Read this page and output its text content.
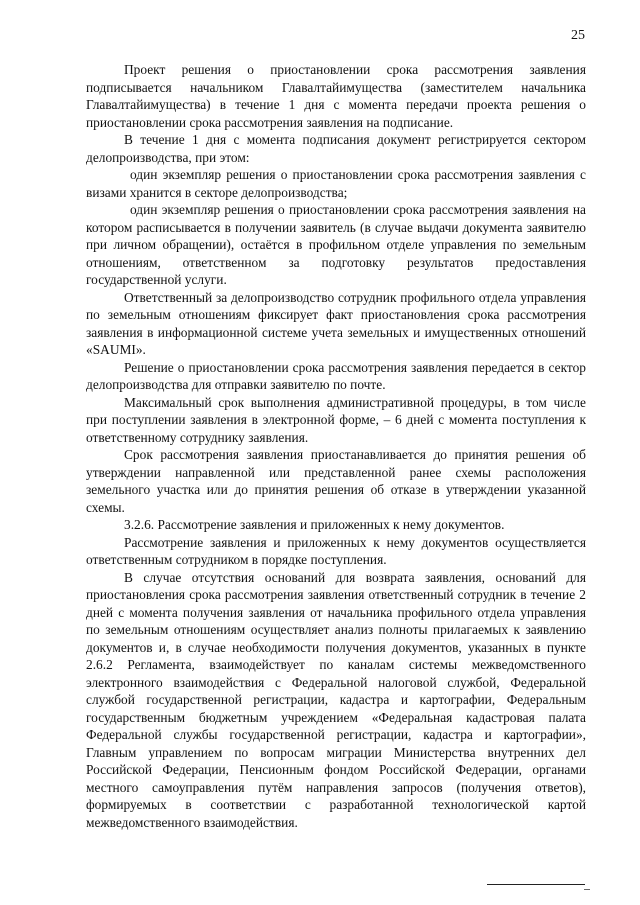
25

Проект решения о приостановлении срока рассмотрения заявления подписывается начальником Главалтайимущества (заместителем начальника Главалтайимущества) в течение 1 дня с момента передачи проекта решения о приостановлении срока рассмотрения заявления на подписание.

В течение 1 дня с момента подписания документ регистрируется сектором делопроизводства, при этом:

один экземпляр решения о приостановлении срока рассмотрения заявления с визами хранится в секторе делопроизводства;

один экземпляр решения о приостановлении срока рассмотрения заявления на котором расписывается в получении заявитель (в случае выдачи документа заявителю при личном обращении), остаётся в профильном отделе управления по земельным отношениям, ответственном за подготовку результатов предоставления государственной услуги.

Ответственный за делопроизводство сотрудник профильного отдела управления по земельным отношениям фиксирует факт приостановления срока рассмотрения заявления в информационной системе учета земельных и имущественных отношений «SAUMI».

Решение о приостановлении срока рассмотрения заявления передается в сектор делопроизводства для отправки заявителю по почте.

Максимальный срок выполнения административной процедуры, в том числе при поступлении заявления в электронной форме, – 6 дней с момента поступления к ответственному сотруднику заявления.

Срок рассмотрения заявления приостанавливается до принятия решения об утверждении направленной или представленной ранее схемы расположения земельного участка или до принятия решения об отказе в утверждении указанной схемы.

3.2.6. Рассмотрение заявления и приложенных к нему документов.

Рассмотрение заявления и приложенных к нему документов осуществляется ответственным сотрудником в порядке поступления.

В случае отсутствия оснований для возврата заявления, оснований для приостановления срока рассмотрения заявления ответственный сотрудник в течение 2 дней с момента получения заявления от начальника профильного отдела управления по земельным отношениям осуществляет анализ полноты прилагаемых к заявлению документов и, в случае необходимости получения документов, указанных в пункте 2.6.2 Регламента, взаимодействует по каналам системы межведомственного электронного взаимодействия с Федеральной налоговой службой, Федеральной службой государственной регистрации, кадастра и картографии, Федеральным государственным бюджетным учреждением «Федеральная кадастровая палата Федеральной службы государственной регистрации, кадастра и картографии», Главным управлением по вопросам миграции Министерства внутренних дел Российской Федерации, Пенсионным фондом Российской Федерации, органами местного самоуправления путём направления запросов (получения ответов), формируемых в соответствии с разработанной технологической картой межведомственного взаимодействия.
